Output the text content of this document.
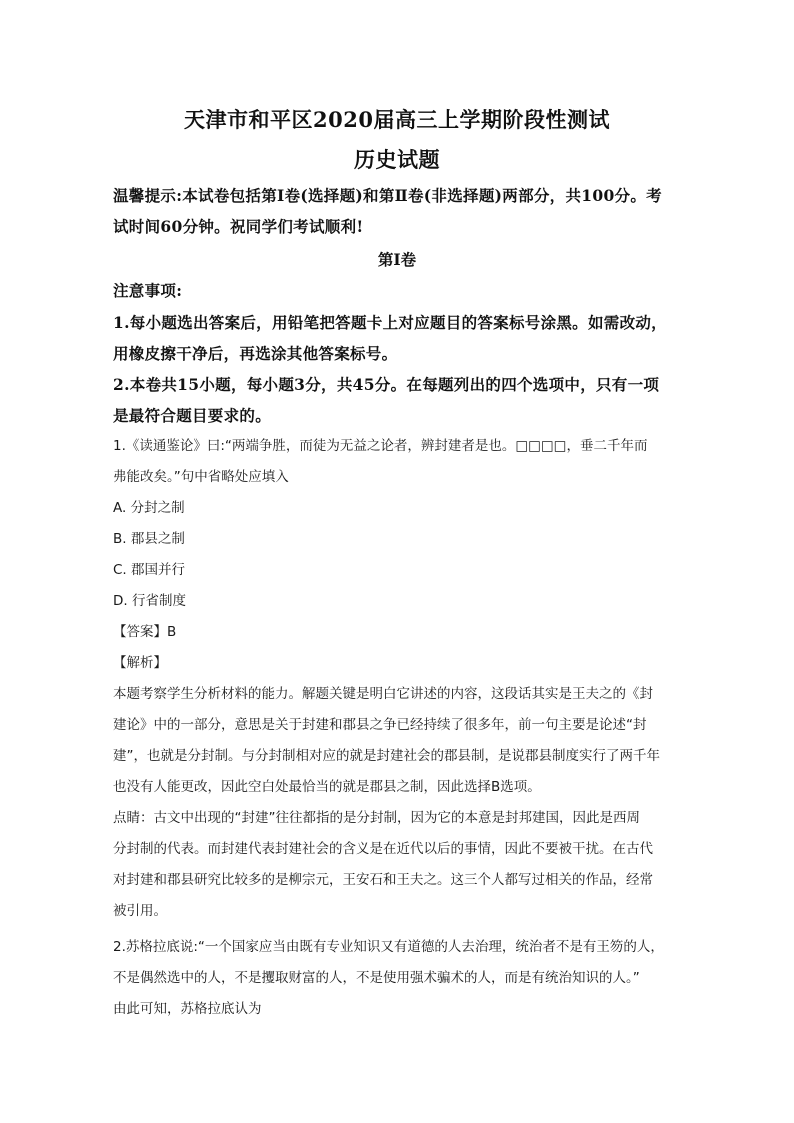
天津市和平区2020届高三上学期阶段性测试
历史试题
温馨提示:本试卷包括第Ⅰ卷(选择题)和第Ⅱ卷(非选择题)两部分，共100分。考
试时间60分钟。祝同学们考试顺利!
第Ⅰ卷
注意事项:
1.每小题选出答案后，用铅笔把答题卡上对应题目的答案标号涂黑。如需改动，
用橡皮擦干净后，再选涂其他答案标号。
2.本卷共15小题，每小题3分，共45分。在每题列出的四个选项中，只有一项
是最符合题目要求的。
1.《读通鉴论》曰:“两端争胜，而徒为无益之论者，辨封建者是也。□□□□，垂二千年而
弗能改矣。”句中省略处应填入
A. 分封之制
B. 郡县之制
C. 郡国并行
D. 行省制度
【答案】B
【解析】
本题考察学生分析材料的能力。解题关键是明白它讲述的内容，这段话其实是王夫之的《封
建论》中的一部分，意思是关于封建和郡县之争已经持续了很多年，前一句主要是论述“封
建”，也就是分封制。与分封制相对应的就是封建社会的郡县制，是说郡县制度实行了两千年
也没有人能更改，因此空白处最恰当的就是郡县之制，因此选择B选项。
点睛：古文中出现的“封建”往往都指的是分封制，因为它的本意是封邦建国，因此是西周
分封制的代表。而封建代表封建社会的含义是在近代以后的事情，因此不要被干扰。在古代
对封建和郡县研究比较多的是柳宗元，王安石和王夫之。这三个人都写过相关的作品，经常
被引用。
2.苏格拉底说:“一个国家应当由既有专业知识又有道德的人去治理，统治者不是有王笏的人，
不是偶然选中的人，不是攫取财富的人，不是使用强术骗术的人，而是有统治知识的人。”
由此可知，苏格拉底认为
